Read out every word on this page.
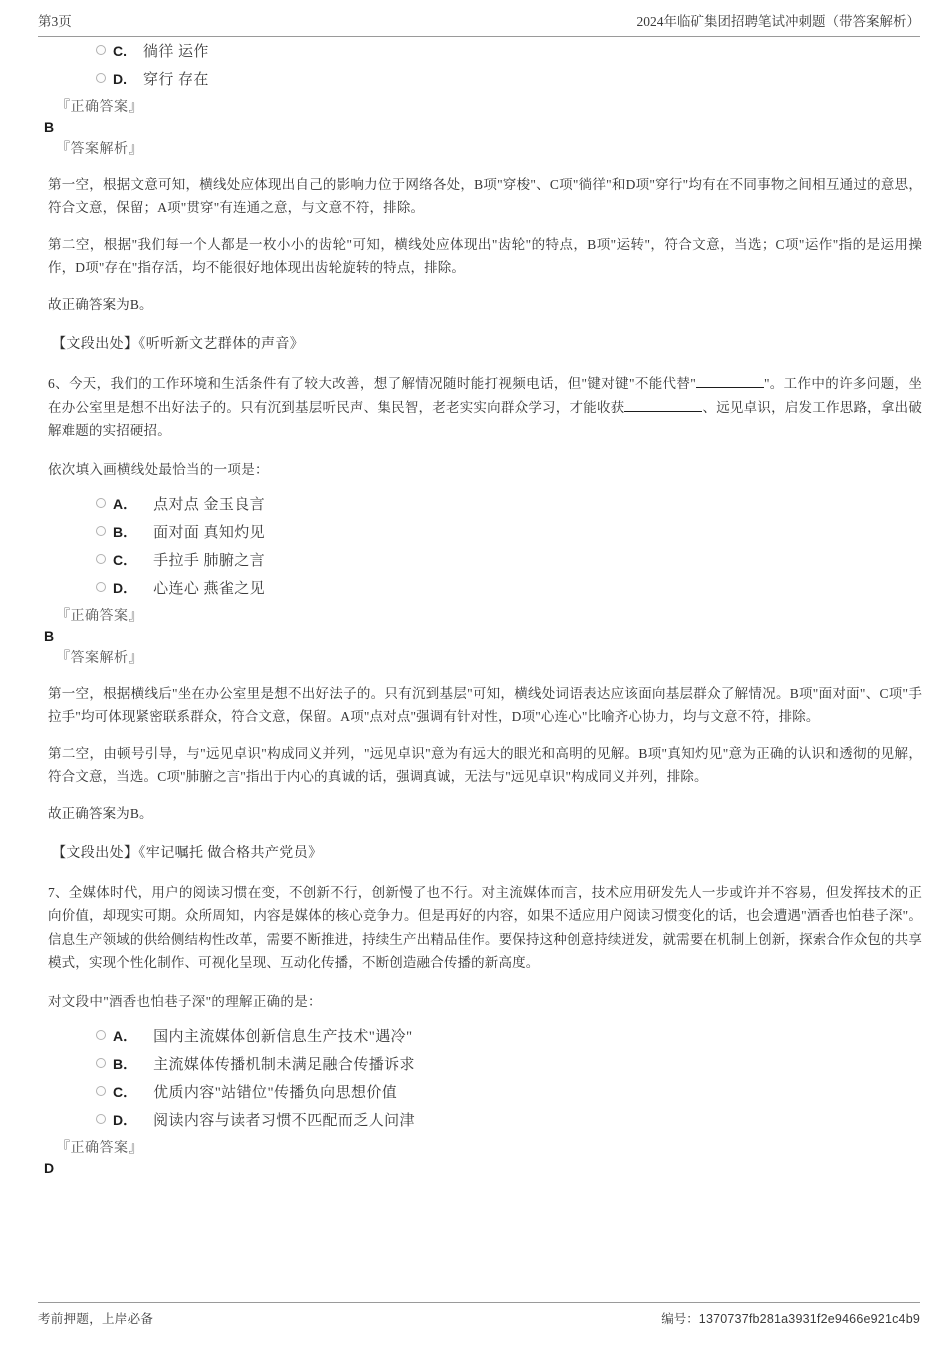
第3页	2024年临矿集团招聘笔试冲刺题（带答案解析）
C. 徜徉 运作
D. 穿行 存在
『正确答案』
B
『答案解析』

第一空，根据文意可知，横线处应体现出自己的影响力位于网络各处，B项"穿梭"、C项"徜徉"和D项"穿行"均有在不同事物之间相互通过的意思，符合文意，保留；A项"贯穿"有连通之意，与文意不符，排除。

第二空，根据"我们每一个人都是一枚小小的齿轮"可知，横线处应体现出"齿轮"的特点，B项"运转"，符合文意，当选；C项"运作"指的是运用操作，D项"存在"指存活，均不能很好地体现出齿轮旋转的特点，排除。

故正确答案为B。

【文段出处】《听听新文艺群体的声音》

6、今天，我们的工作环境和生活条件有了较大改善，想了解情况随时能打视频电话，但"键对键"不能代替"	"。工作中的许多问题，坐在办公室里是想不出好法子的。只有沉到基层听民声、集民智，老老实实向群众学习，才能收获	、远见卓识，启发工作思路，拿出破解难题的实招硬招。

依次填入画横线处最恰当的一项是：
A． 点对点 金玉良言
B． 面对面 真知灼见
C． 手拉手 肺腑之言
D． 心连心 燕雀之见
『正确答案』
B
『答案解析』

第一空，根据横线后"坐在办公室里是想不出好法子的。只有沉到基层"可知，横线处词语表达应该面向基层群众了解情况。B项"面对面"、C项"手拉手"均可体现紧密联系群众，符合文意，保留。A项"点对点"强调有针对性，D项"心连心"比喻齐心协力，均与文意不符，排除。

第二空，由顿号引导，与"远见卓识"构成同义并列，"远见卓识"意为有远大的眼光和高明的见解。B项"真知灼见"意为正确的认识和透彻的见解，符合文意，当选。C项"肺腑之言"指出于内心的真诚的话，强调真诚，无法与"远见卓识"构成同义并列，排除。

故正确答案为B。

【文段出处】《牢记嘱托 做合格共产党员》

7、全媒体时代，用户的阅读习惯在变，不创新不行，创新慢了也不行。对主流媒体而言，技术应用研发先人一步或许并不容易，但发挥技术的正向价值，却现实可期。众所周知，内容是媒体的核心竞争力。但是再好的内容，如果不适应用户阅读习惯变化的话，也会遭遇"酒香也怕巷子深"。信息生产领域的供给侧结构性改革，需要不断推进，持续生产出精品佳作。要保持这种创意持续迸发，就需要在机制上创新，探索合作众包的共享模式，实现个性化制作、可视化呈现、互动化传播，不断创造融合传播的新高度。

对文段中"酒香也怕巷子深"的理解正确的是：
A． 国内主流媒体创新信息生产技术"遇冷"
B． 主流媒体传播机制未满足融合传播诉求
C． 优质内容"站错位"传播负向思想价值
D． 阅读内容与读者习惯不匹配而乏人问津
『正确答案』
D
考前押题，上岸必备	编号：1370737fb281a3931f2e9466e921c4b9
